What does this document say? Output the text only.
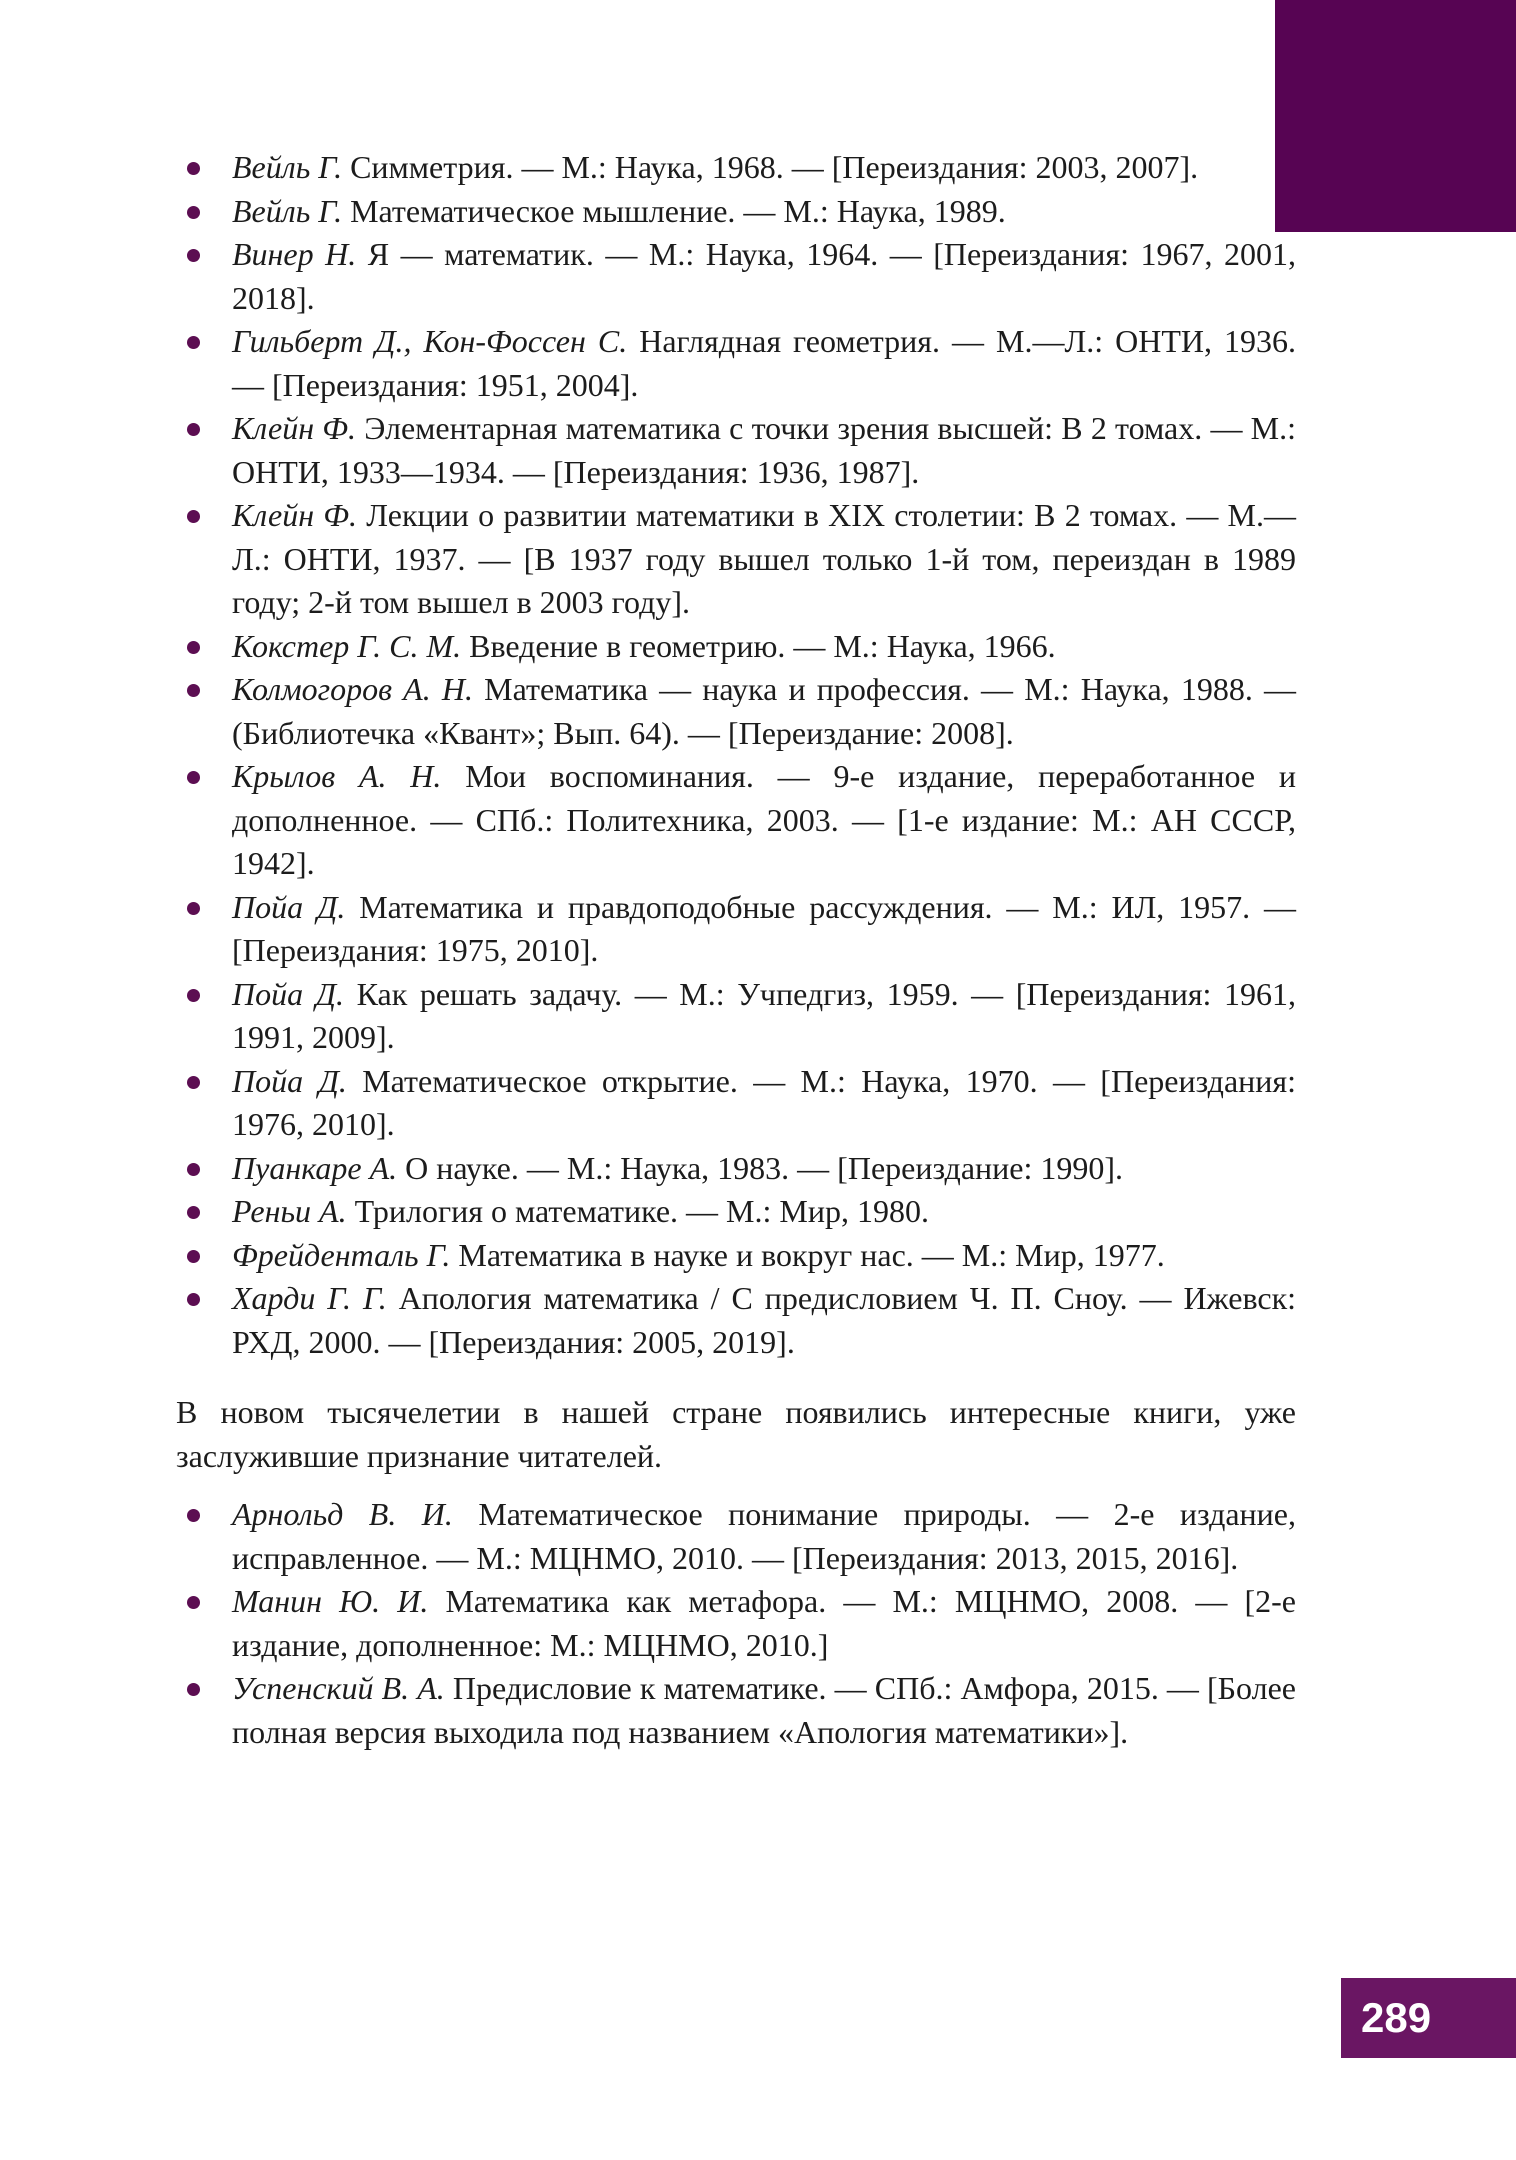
Вейль Г. Симметрия. — М.: Наука, 1968. — [Переиздания: 2003, 2007].
Вейль Г. Математическое мышление. — М.: Наука, 1989.
Винер Н. Я — математик. — М.: Наука, 1964. — [Переиздания: 1967, 2001, 2018].
Гильберт Д., Кон-Фоссен С. Наглядная геометрия. — М.—Л.: ОНТИ, 1936. — [Переиздания: 1951, 2004].
Клейн Ф. Элементарная математика с точки зрения высшей: В 2 томах. — М.: ОНТИ, 1933—1934. — [Переиздания: 1936, 1987].
Клейн Ф. Лекции о развитии математики в XIX столетии: В 2 томах. — М.—Л.: ОНТИ, 1937. — [В 1937 году вышел только 1-й том, переиздан в 1989 году; 2-й том вышел в 2003 году].
Кокстер Г. С. М. Введение в геометрию. — М.: Наука, 1966.
Колмогоров А. Н. Математика — наука и профессия. — М.: Наука, 1988. — (Библиотечка «Квант»; Вып. 64). — [Переиздание: 2008].
Крылов А. Н. Мои воспоминания. — 9-е издание, переработанное и дополненное. — СПб.: Политехника, 2003. — [1-е издание: М.: АН СССР, 1942].
Пойа Д. Математика и правдоподобные рассуждения. — М.: ИЛ, 1957. — [Переиздания: 1975, 2010].
Пойа Д. Как решать задачу. — М.: Учпедгиз, 1959. — [Переиздания: 1961, 1991, 2009].
Пойа Д. Математическое открытие. — М.: Наука, 1970. — [Переиздания: 1976, 2010].
Пуанкаре А. О науке. — М.: Наука, 1983. — [Переиздание: 1990].
Реньи А. Трилогия о математике. — М.: Мир, 1980.
Фрейденталь Г. Математика в науке и вокруг нас. — М.: Мир, 1977.
Харди Г. Г. Апология математика / С предисловием Ч. П. Сноу. — Ижевск: РХД, 2000. — [Переиздания: 2005, 2019].

В новом тысячелетии в нашей стране появились интересные книги, уже заслужившие признание читателей.

Арнольд В. И. Математическое понимание природы. — 2-е издание, исправленное. — М.: МЦНМО, 2010. — [Переиздания: 2013, 2015, 2016].
Манин Ю. И. Математика как метафора. — М.: МЦНМО, 2008. — [2-е издание, дополненное: М.: МЦНМО, 2010.]
Успенский В. А. Предисловие к математике. — СПб.: Амфора, 2015. — [Более полная версия выходила под названием «Апология математики»].
289
